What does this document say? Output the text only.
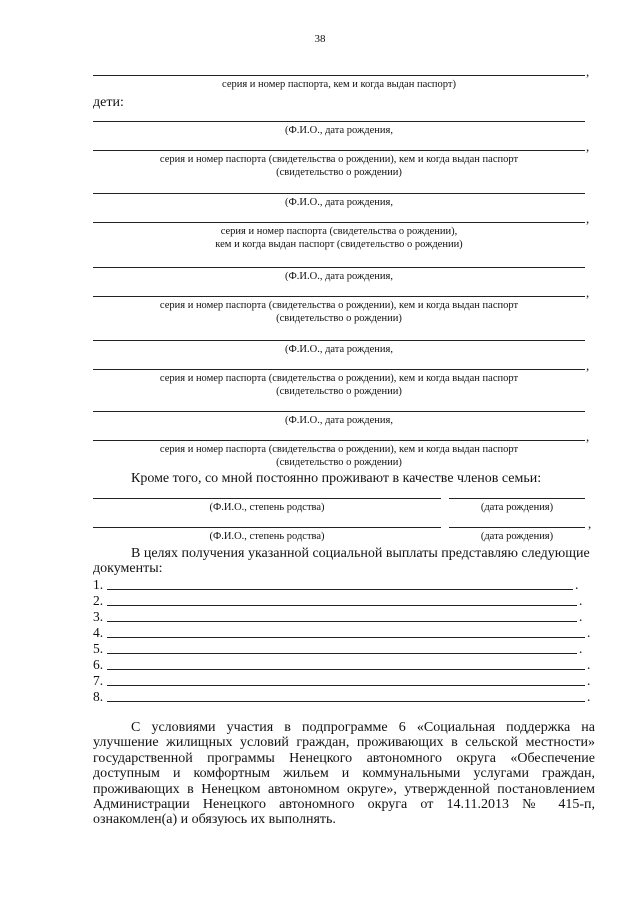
38
,
серия и номер паспорта, кем и когда выдан паспорт)
дети:
(Ф.И.О., дата рождения,
,
серия и номер паспорта (свидетельства о рождении), кем и когда выдан паспорт
(свидетельство о рождении)
(Ф.И.О., дата рождения,
,
серия и номер паспорта (свидетельства о рождении),
кем и когда выдан паспорт (свидетельство о рождении)
(Ф.И.О., дата рождения,
,
серия и номер паспорта (свидетельства о рождении), кем и когда выдан паспорт
(свидетельство о рождении)
(Ф.И.О., дата рождения,
,
серия и номер паспорта (свидетельства о рождении), кем и когда выдан паспорт
(свидетельство о рождении)
(Ф.И.О., дата рождения,
,
серия и номер паспорта (свидетельства о рождении), кем и когда выдан паспорт
(свидетельство о рождении)
Кроме того, со мной постоянно проживают в качестве членов семьи:
(Ф.И.О., степень родства)	(дата рождения)
,
(Ф.И.О., степень родства)	(дата рождения)
В целях получения указанной социальной выплаты представляю следующие
документы:
1.	.
2.	.
3.	.
4.	.
5.	.
6.	.
7.	.
8.	.
С условиями участия в подпрограмме 6 «Социальная поддержка на улучшение жилищных условий граждан, проживающих в сельской местности» государственной программы Ненецкого автономного округа «Обеспечение доступным и комфортным жильем и коммунальными услугами граждан, проживающих в Ненецком автономном округе», утвержденной постановлением Администрации Ненецкого автономного округа от 14.11.2013 № 415-п, ознакомлен(а) и обязуюсь их выполнять.
